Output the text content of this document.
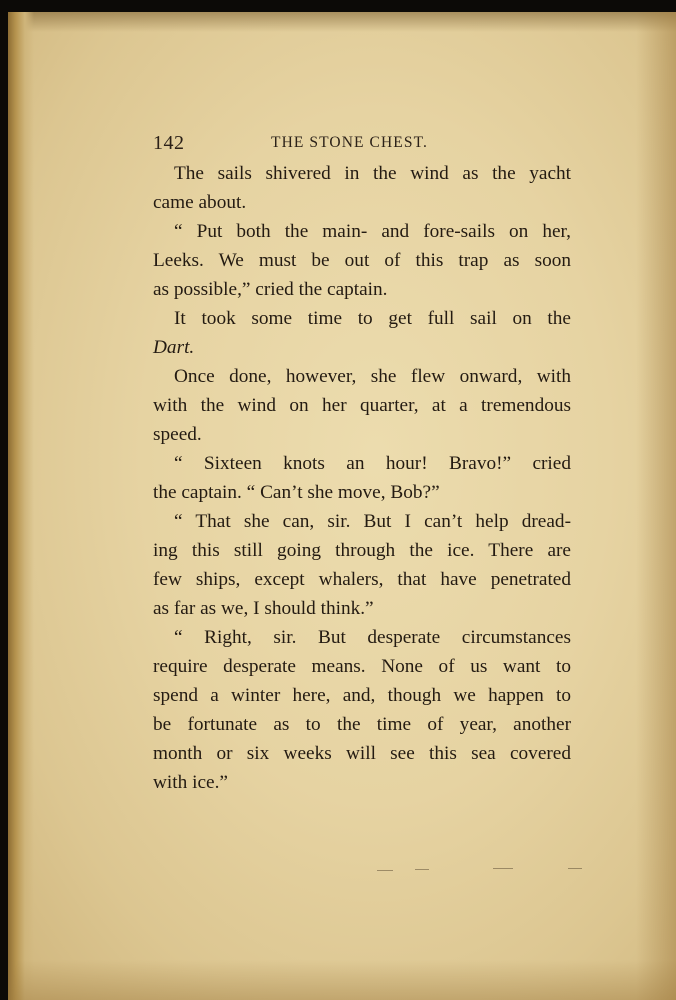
142	THE STONE CHEST.
The sails shivered in the wind as the yacht
came about.
“ Put both the main- and fore-sails on her,
Leeks. We must be out of this trap as soon
as possible,” cried the captain.
It took some time to get full sail on the
Dart.
Once done, however, she flew onward, with
with the wind on her quarter, at a tremendous
speed.
“ Sixteen knots an hour! Bravo!” cried
the captain. “ Can’t she move, Bob?”
“ That she can, sir. But I can’t help dread-
ing this still going through the ice. There are
few ships, except whalers, that have penetrated
as far as we, I should think.”
“ Right, sir. But desperate circumstances
require desperate means. None of us want to
spend a winter here, and, though we happen to
be fortunate as to the time of year, another
month or six weeks will see this sea covered
with ice.”
